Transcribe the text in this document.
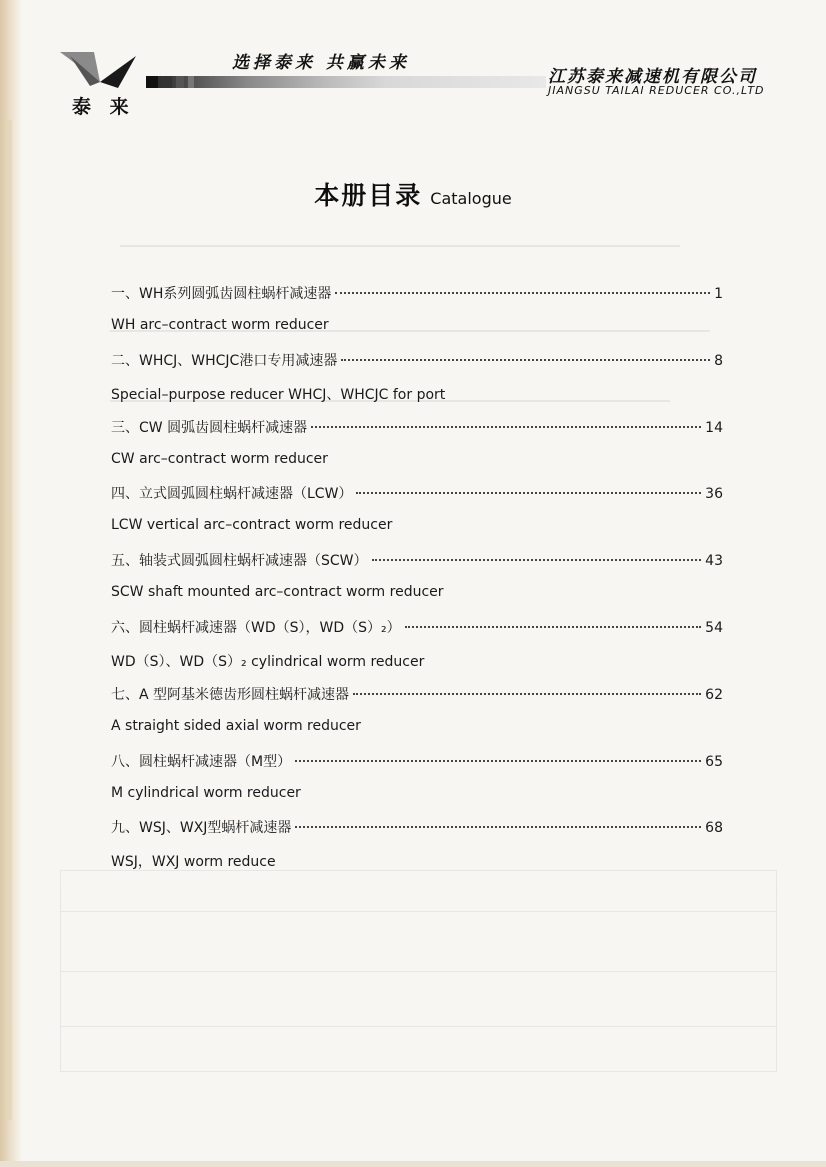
泰 来
选择泰来 共赢未来
江苏泰来减速机有限公司
JIANGSU TAILAI REDUCER CO.,LTD
本册目录 Catalogue
一、WH系列圆弧齿圆柱蜗杆减速器	1
WH arc–contract worm reducer
二、WHCJ、WHCJC港口专用减速器	8
Special–purpose reducer WHCJ、WHCJC for port
三、CW 圆弧齿圆柱蜗杆减速器	14
CW arc–contract worm reducer
四、立式圆弧圆柱蜗杆减速器（LCW）	36
LCW vertical arc–contract worm reducer
五、轴装式圆弧圆柱蜗杆减速器（SCW）	43
SCW shaft mounted arc–contract worm reducer
六、圆柱蜗杆减速器（WD（S），WD（S）₂）	54
WD（S）、WD（S）₂ cylindrical worm reducer
七、A 型阿基米德齿形圆柱蜗杆减速器	62
A straight sided axial worm reducer
八、圆柱蜗杆减速器（M型）	65
M cylindrical worm reducer
九、WSJ、WXJ型蜗杆减速器	68
WSJ，WXJ worm reduce
